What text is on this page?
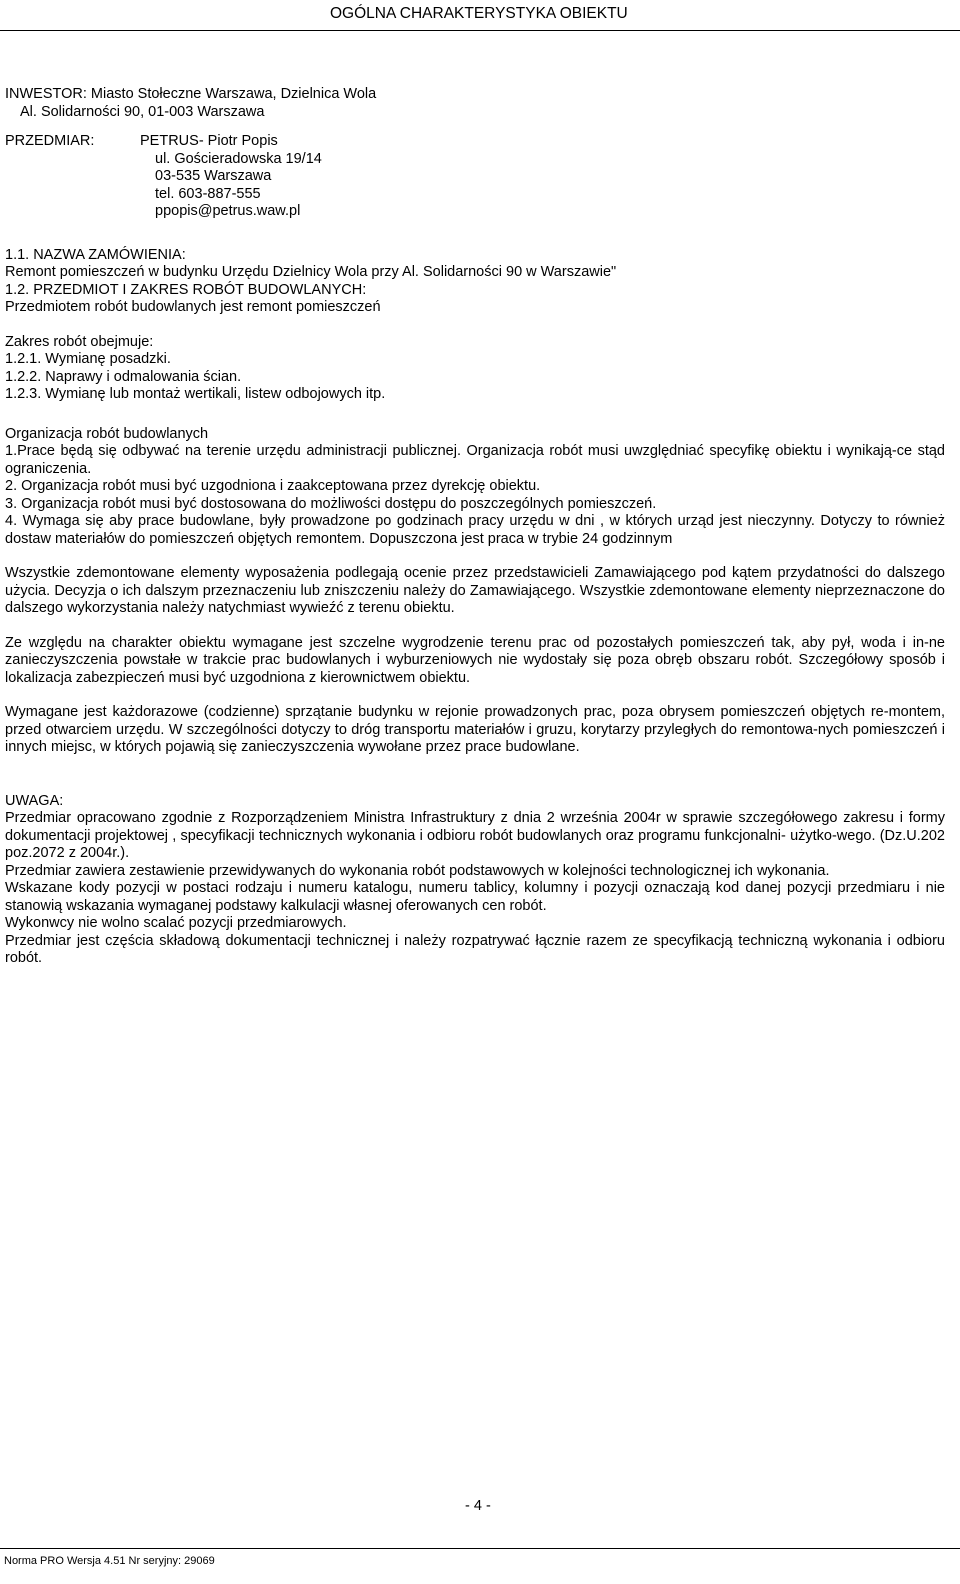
OGÓLNA CHARAKTERYSTYKA OBIEKTU
INWESTOR: Miasto Stołeczne Warszawa, Dzielnica Wola
Al. Solidarności 90, 01-003 Warszawa
PRZEDMIAR:	PETRUS- Piotr Popis
ul. Gościeradowska 19/14
03-535 Warszawa
tel. 603-887-555
ppopis@petrus.waw.pl
1.1. NAZWA ZAMÓWIENIA:
Remont pomieszczeń w budynku Urzędu Dzielnicy Wola przy Al. Solidarności 90 w Warszawie"
1.2. PRZEDMIOT I ZAKRES ROBÓT BUDOWLANYCH:
Przedmiotem robót budowlanych jest remont pomieszczeń
Zakres robót obejmuje:
1.2.1. Wymianę posadzki.
1.2.2. Naprawy i odmalowania ścian.
1.2.3. Wymianę lub montaż wertikali, listew odbojowych itp.
Organizacja robót budowlanych
1.Prace będą się odbywać na terenie urzędu administracji publicznej. Organizacja robót musi uwzględniać specyfikę obiektu i wynikają-ce stąd ograniczenia.
2. Organizacja robót musi być uzgodniona i zaakceptowana przez dyrekcję obiektu.
3. Organizacja robót musi być dostosowana do możliwości dostępu do poszczególnych pomieszczeń.
4. Wymaga się aby prace budowlane, były prowadzone po godzinach pracy urzędu w dni , w których urząd jest nieczynny. Dotyczy to również dostaw materiałów do pomieszczeń objętych remontem. Dopuszczona jest praca w trybie 24 godzinnym
Wszystkie zdemontowane elementy wyposażenia podlegają ocenie przez przedstawicieli Zamawiającego pod kątem przydatności do dalszego użycia. Decyzja o ich dalszym przeznaczeniu lub zniszczeniu należy do Zamawiającego. Wszystkie zdemontowane elementy nieprzeznaczone do dalszego wykorzystania należy natychmiast wywieźć z terenu obiektu.
Ze względu na charakter obiektu wymagane jest szczelne wygrodzenie terenu prac od pozostałych pomieszczeń tak, aby pył, woda i in-ne zanieczyszczenia powstałe w trakcie prac budowlanych i wyburzeniowych nie wydostały się poza obręb obszaru robót. Szczegółowy sposób i lokalizacja zabezpieczeń musi być uzgodniona z kierownictwem obiektu.
Wymagane jest każdorazowe (codzienne) sprzątanie budynku w rejonie prowadzonych prac, poza obrysem pomieszczeń objętych re-montem, przed otwarciem urzędu. W szczególności dotyczy to dróg transportu materiałów i gruzu, korytarzy przyległych do remontowa-nych pomieszczeń i innych miejsc, w których pojawią się zanieczyszczenia wywołane przez prace budowlane.
UWAGA:
Przedmiar opracowano zgodnie z Rozporządzeniem Ministra Infrastruktury z dnia 2 września 2004r w sprawie szczegółowego zakresu i formy dokumentacji projektowej , specyfikacji technicznych wykonania i odbioru robót budowlanych oraz programu funkcjonalni- użytko-wego. (Dz.U.202 poz.2072 z 2004r.).
Przedmiar zawiera zestawienie przewidywanych do wykonania robót podstawowych w kolejności technologicznej ich wykonania.
Wskazane kody pozycji w postaci rodzaju i numeru katalogu, numeru tablicy, kolumny i pozycji oznaczają kod danej pozycji przedmiaru i nie stanowią wskazania wymaganej podstawy kalkulacji własnej oferowanych cen robót.
Wykonwcy nie wolno scalać pozycji przedmiarowych.
Przedmiar jest częścia składową dokumentacji technicznej i należy rozpatrywać łącznie razem ze specyfikacją techniczną wykonania i odbioru robót.
- 4 -
Norma PRO Wersja 4.51 Nr seryjny: 29069
